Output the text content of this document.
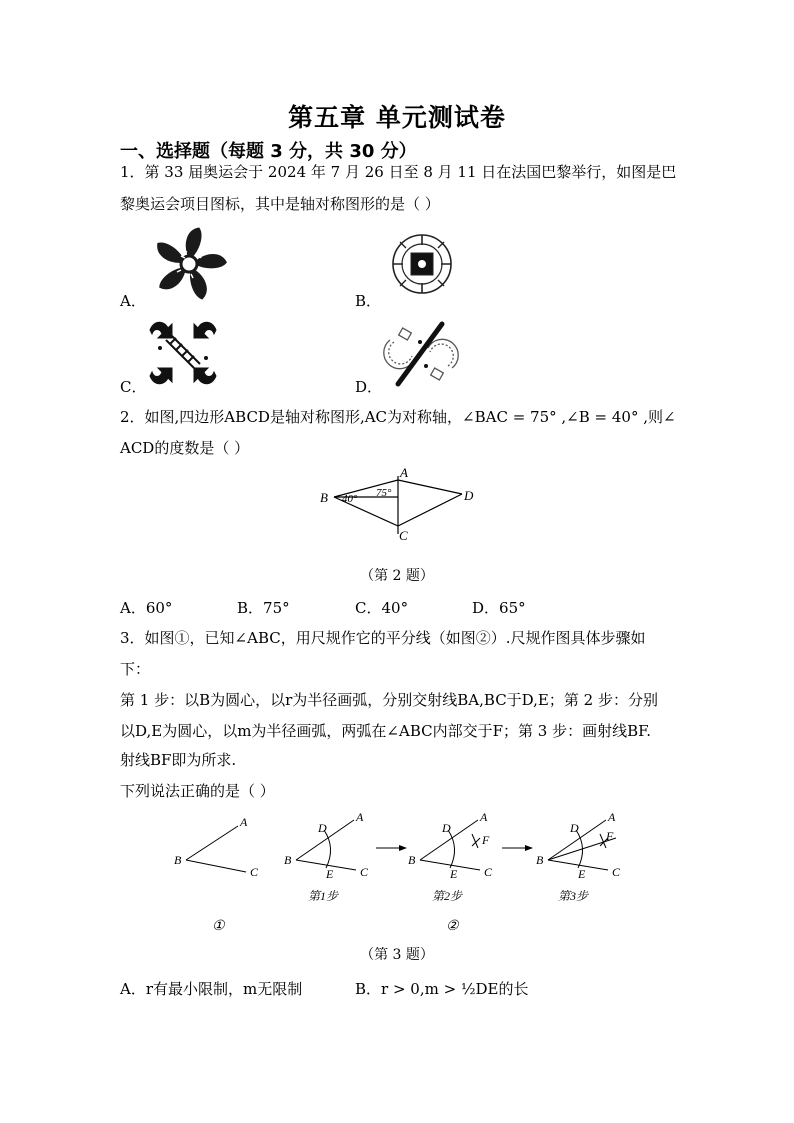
第五章 单元测试卷
一、选择题（每题 3 分，共 30 分）
1．第 33 届奥运会于 2024 年 7 月 26 日至 8 月 11 日在法国巴黎举行，如图是巴
黎奥运会项目图标，其中是轴对称图形的是（ ）
A．	B．
C．	D．
2．如图,四边形ABCD是轴对称图形,AC为对称轴，∠BAC = 75° ,∠B = 40° ,则∠
ACD的度数是（ ）
A
B
C
D
40° 75°
（第 2 题）
A．60°	B．75°	C．40°	D．65°
3．如图①，已知∠ABC，用尺规作它的平分线（如图②）.尺规作图具体步骤如
下：
第 1 步：以B为圆心，以r为半径画弧，分别交射线BA,BC于D,E；第 2 步：分别
以D,E为圆心，以m为半径画弧，两弧在∠ABC内部交于F；第 3 步：画射线BF.
射线BF即为所求.
下列说法正确的是（ ）
B
A
C
①
B
A
C
D
E
第1步
B
A
C
D
E
F
第2步
②
B
A
C
D
E
F
第3步
（第 3 题）
A．r有最小限制，m无限制	B．r > 0,m > ½DE的长
